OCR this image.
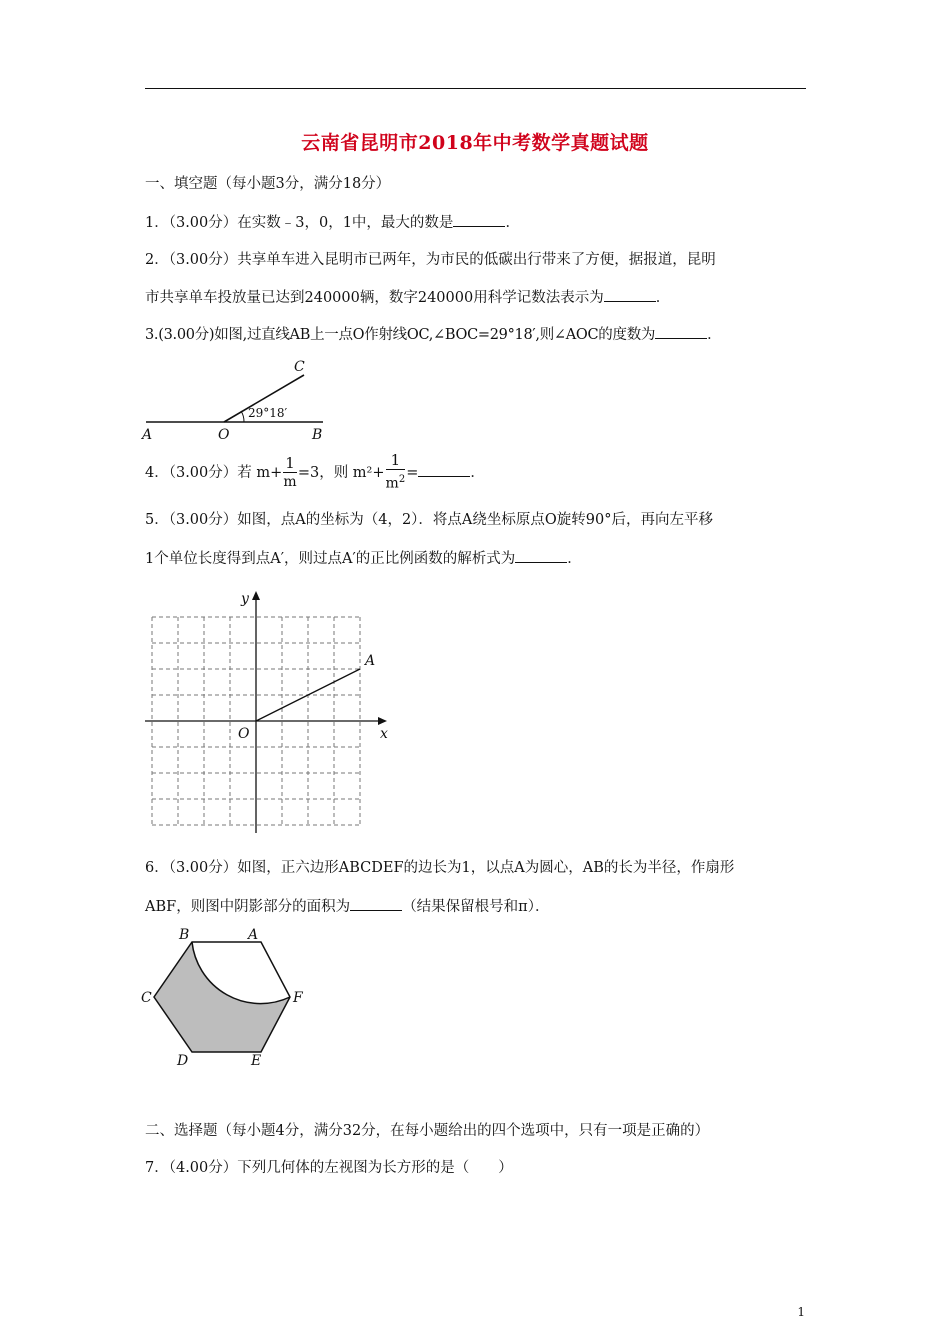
云南省昆明市2018年中考数学真题试题
一、填空题（每小题3分，满分18分）
1．（3.00分）在实数﹣3，0，1中，最大的数是	．
2．（3.00分）共享单车进入昆明市已两年，为市民的低碳出行带来了方便，据报道，昆明
市共享单车投放量已达到240000辆，数字240000用科学记数法表示为	．
3.(3.00分)如图,过直线AB上一点O作射线OC,∠BOC=29°18′,则∠AOC的度数为	．
A	O	B
C
29°18′
4．（3.00分）若 $m+ \frac{1}{m} =3$，则 $m^2+ \frac{1}{m^2}$ =	．
5．（3.00分）如图，点A的坐标为（4，2）．将点A绕坐标原点O旋转90°后，再向左平移
1个单位长度得到点A′，则过点A′的正比例函数的解析式为	．
y
x
O
A
6．（3.00分）如图，正六边形ABCDEF的边长为1，以点A为圆心，AB的长为半径，作扇形
ABF，则图中阴影部分的面积为	（结果保留根号和π）．
B	A
C	F
D	E
二、选择题（每小题4分，满分32分，在每小题给出的四个选项中，只有一项是正确的）
7．（4.00分）下列几何体的左视图为长方形的是（　　）
1
